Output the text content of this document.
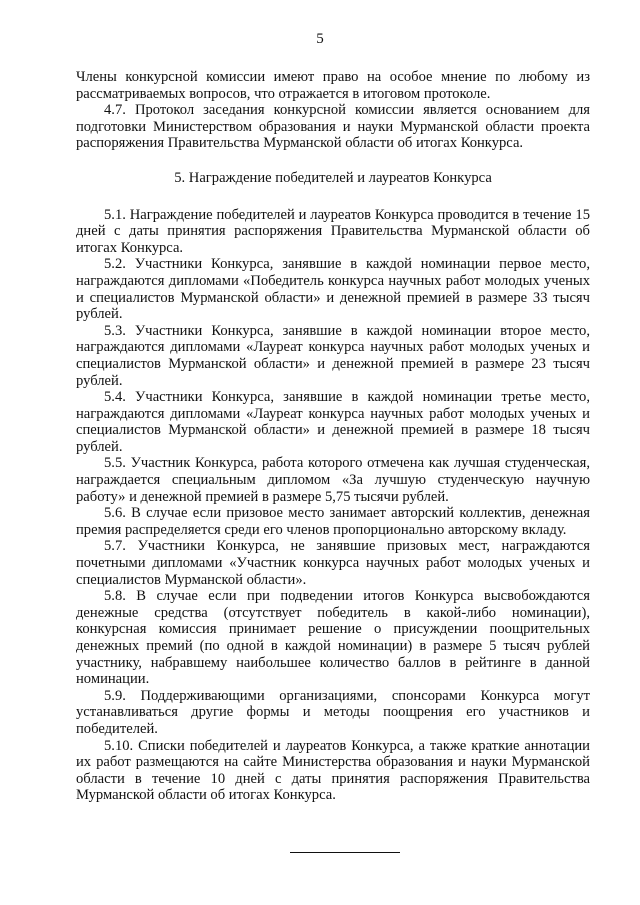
5

Члены конкурсной комиссии имеют право на особое мнение по любому из рассматриваемых вопросов, что отражается в итоговом протоколе.

4.7. Протокол заседания конкурсной комиссии является основанием для подготовки Министерством образования и науки Мурманской области проекта распоряжения Правительства Мурманской области об итогах Конкурса.

5. Награждение победителей и лауреатов Конкурса

5.1. Награждение победителей и лауреатов Конкурса проводится в течение 15 дней с даты принятия распоряжения Правительства Мурманской области об итогах Конкурса.

5.2. Участники Конкурса, занявшие в каждой номинации первое место, награждаются дипломами «Победитель конкурса научных работ молодых ученых и специалистов Мурманской области» и денежной премией в размере 33 тысяч рублей.

5.3. Участники Конкурса, занявшие в каждой номинации второе место, награждаются дипломами «Лауреат конкурса научных работ молодых ученых и специалистов Мурманской области» и денежной премией в размере 23 тысяч рублей.

5.4. Участники Конкурса, занявшие в каждой номинации третье место, награждаются дипломами «Лауреат конкурса научных работ молодых ученых и специалистов Мурманской области» и денежной премией в размере 18 тысяч рублей.

5.5. Участник Конкурса, работа которого отмечена как лучшая студенческая, награждается специальным дипломом «За лучшую студенческую научную работу» и денежной премией в размере 5,75 тысячи рублей.

5.6. В случае если призовое место занимает авторский коллектив, денежная премия распределяется среди его членов пропорционально авторскому вкладу.

5.7. Участники Конкурса, не занявшие призовых мест, награждаются почетными дипломами «Участник конкурса научных работ молодых ученых и специалистов Мурманской области».

5.8. В случае если при подведении итогов Конкурса высвобождаются денежные средства (отсутствует победитель в какой-либо номинации), конкурсная комиссия принимает решение о присуждении поощрительных денежных премий (по одной в каждой номинации) в размере 5 тысяч рублей участнику, набравшему наибольшее количество баллов в рейтинге в данной номинации.

5.9. Поддерживающими организациями, спонсорами Конкурса могут устанавливаться другие формы и методы поощрения его участников и победителей.

5.10. Списки победителей и лауреатов Конкурса, а также краткие аннотации их работ размещаются на сайте Министерства образования и науки Мурманской области в течение 10 дней с даты принятия распоряжения Правительства Мурманской области об итогах Конкурса.
